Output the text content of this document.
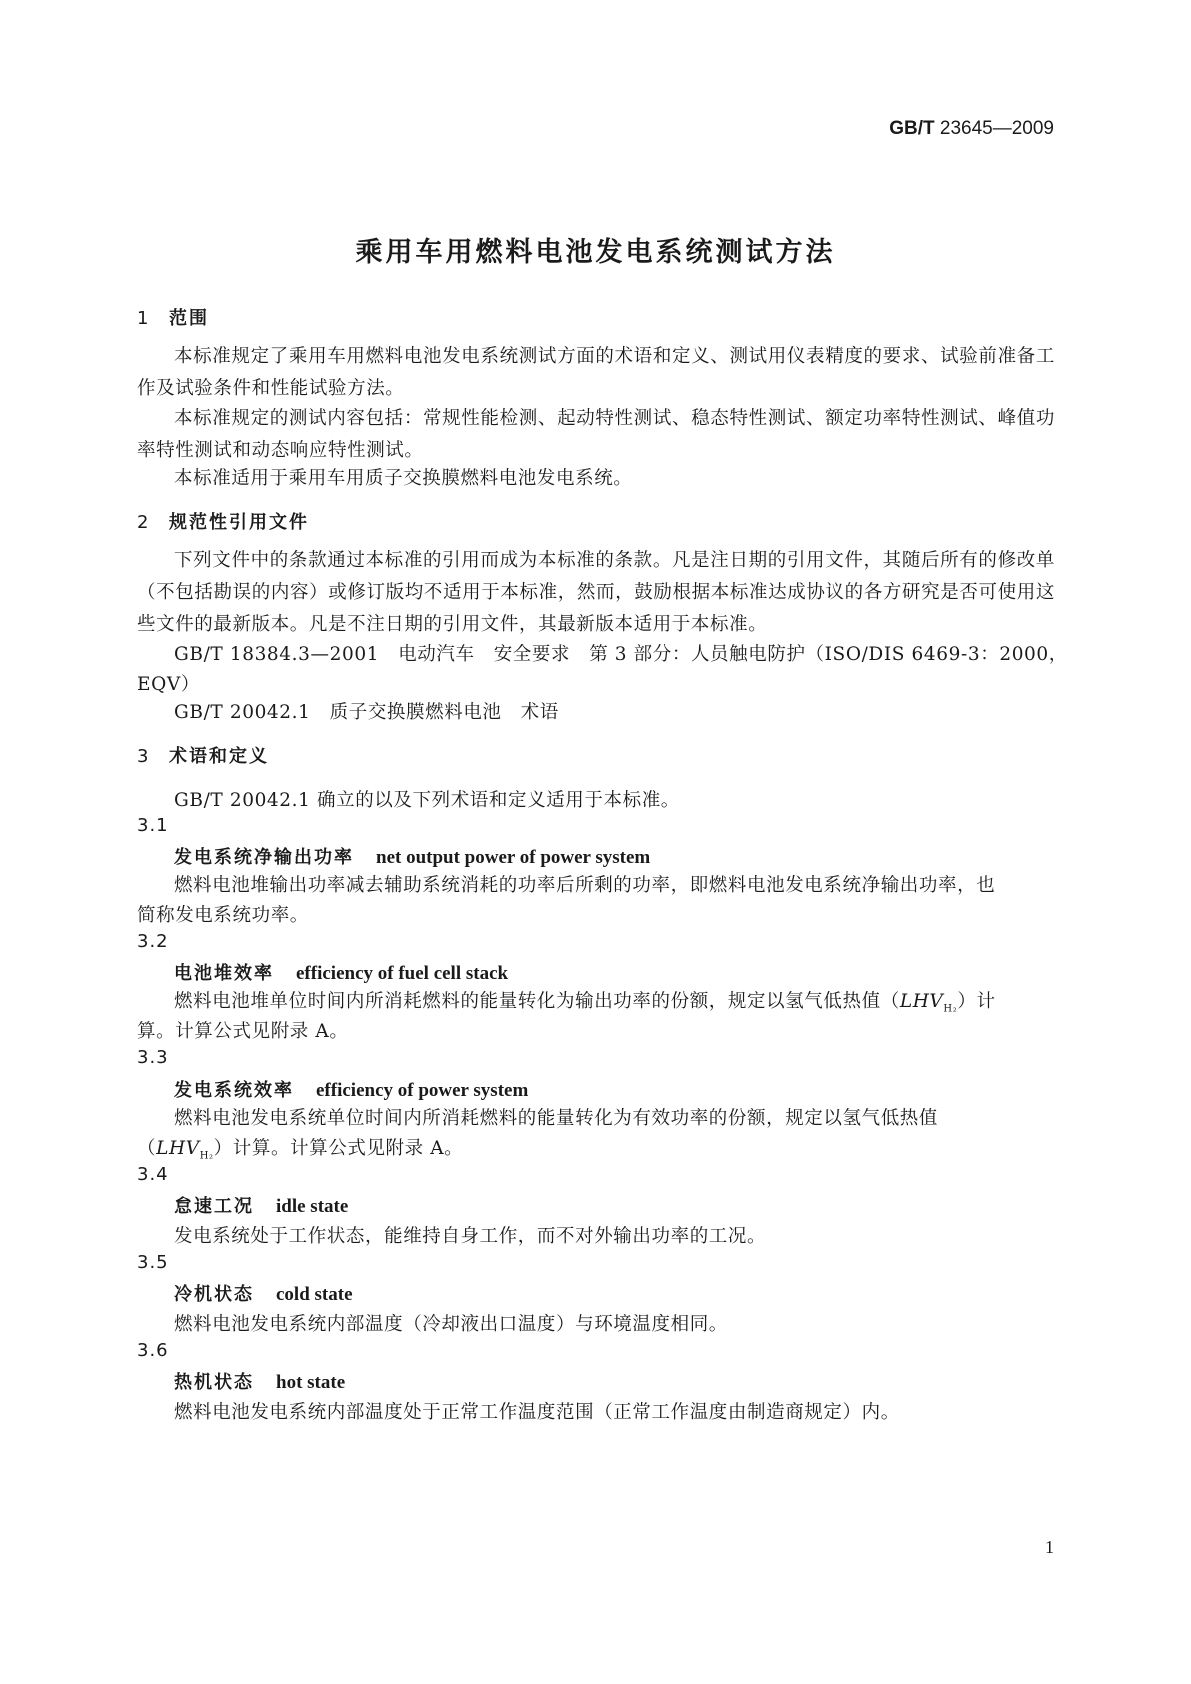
GB/T 23645—2009
乘用车用燃料电池发电系统测试方法
1 范围
本标准规定了乘用车用燃料电池发电系统测试方面的术语和定义、测试用仪表精度的要求、试验前准备工作及试验条件和性能试验方法。
本标准规定的测试内容包括：常规性能检测、起动特性测试、稳态特性测试、额定功率特性测试、峰值功率特性测试和动态响应特性测试。
本标准适用于乘用车用质子交换膜燃料电池发电系统。
2 规范性引用文件
下列文件中的条款通过本标准的引用而成为本标准的条款。凡是注日期的引用文件，其随后所有的修改单（不包括勘误的内容）或修订版均不适用于本标准，然而，鼓励根据本标准达成协议的各方研究是否可使用这些文件的最新版本。凡是不注日期的引用文件，其最新版本适用于本标准。
GB/T 18384.3—2001　电动汽车　安全要求　第 3 部分：人员触电防护（ISO/DIS 6469-3：2000，
EQV）
GB/T 20042.1　质子交换膜燃料电池　术语
3 术语和定义
GB/T 20042.1 确立的以及下列术语和定义适用于本标准。
3.1
发电系统净输出功率 net output power of power system
燃料电池堆输出功率减去辅助系统消耗的功率后所剩的功率，即燃料电池发电系统净输出功率，也
简称发电系统功率。
3.2
电池堆效率 efficiency of fuel cell stack
燃料电池堆单位时间内所消耗燃料的能量转化为输出功率的份额，规定以氢气低热值$(LHV_{H_2})$计
算。计算公式见附录 A。
3.3
发电系统效率 efficiency of power system
燃料电池发电系统单位时间内所消耗燃料的能量转化为有效功率的份额，规定以氢气低热值
$(LHV_{H_2})$计算。计算公式见附录 A。
3.4
怠速工况 idle state
发电系统处于工作状态，能维持自身工作，而不对外输出功率的工况。
3.5
冷机状态 cold state
燃料电池发电系统内部温度（冷却液出口温度）与环境温度相同。
3.6
热机状态 hot state
燃料电池发电系统内部温度处于正常工作温度范围（正常工作温度由制造商规定）内。
1
